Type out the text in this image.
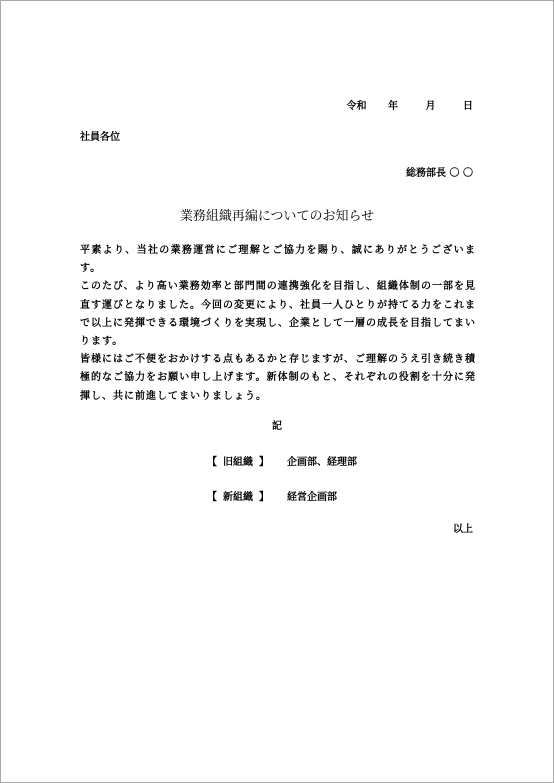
令和 年	月	日
社員各位
総務部長 〇 〇
業務組織再編についてのお知らせ

平素より、当社の業務運営にご理解とご協力を賜り、誠にありがとうございます。

このたび、より高い業務効率と部門間の連携強化を目指し、組織体制の一部を見直す運びとなりました。今回の変更により、社員一人ひとりが持てる力をこれまで以上に発揮できる環境づくりを実現し、企業として一層の成長を目指してまいります。

皆様にはご不便をおかけする点もあるかと存じますが、ご理解のうえ引き続き積極的なご協力をお願い申し上げます。新体制のもと、それぞれの役割を十分に発揮し、共に前進してまいりましょう。

記
【 旧組織 】 企画部、経理部
【 新組織 】 経営企画部
以上
